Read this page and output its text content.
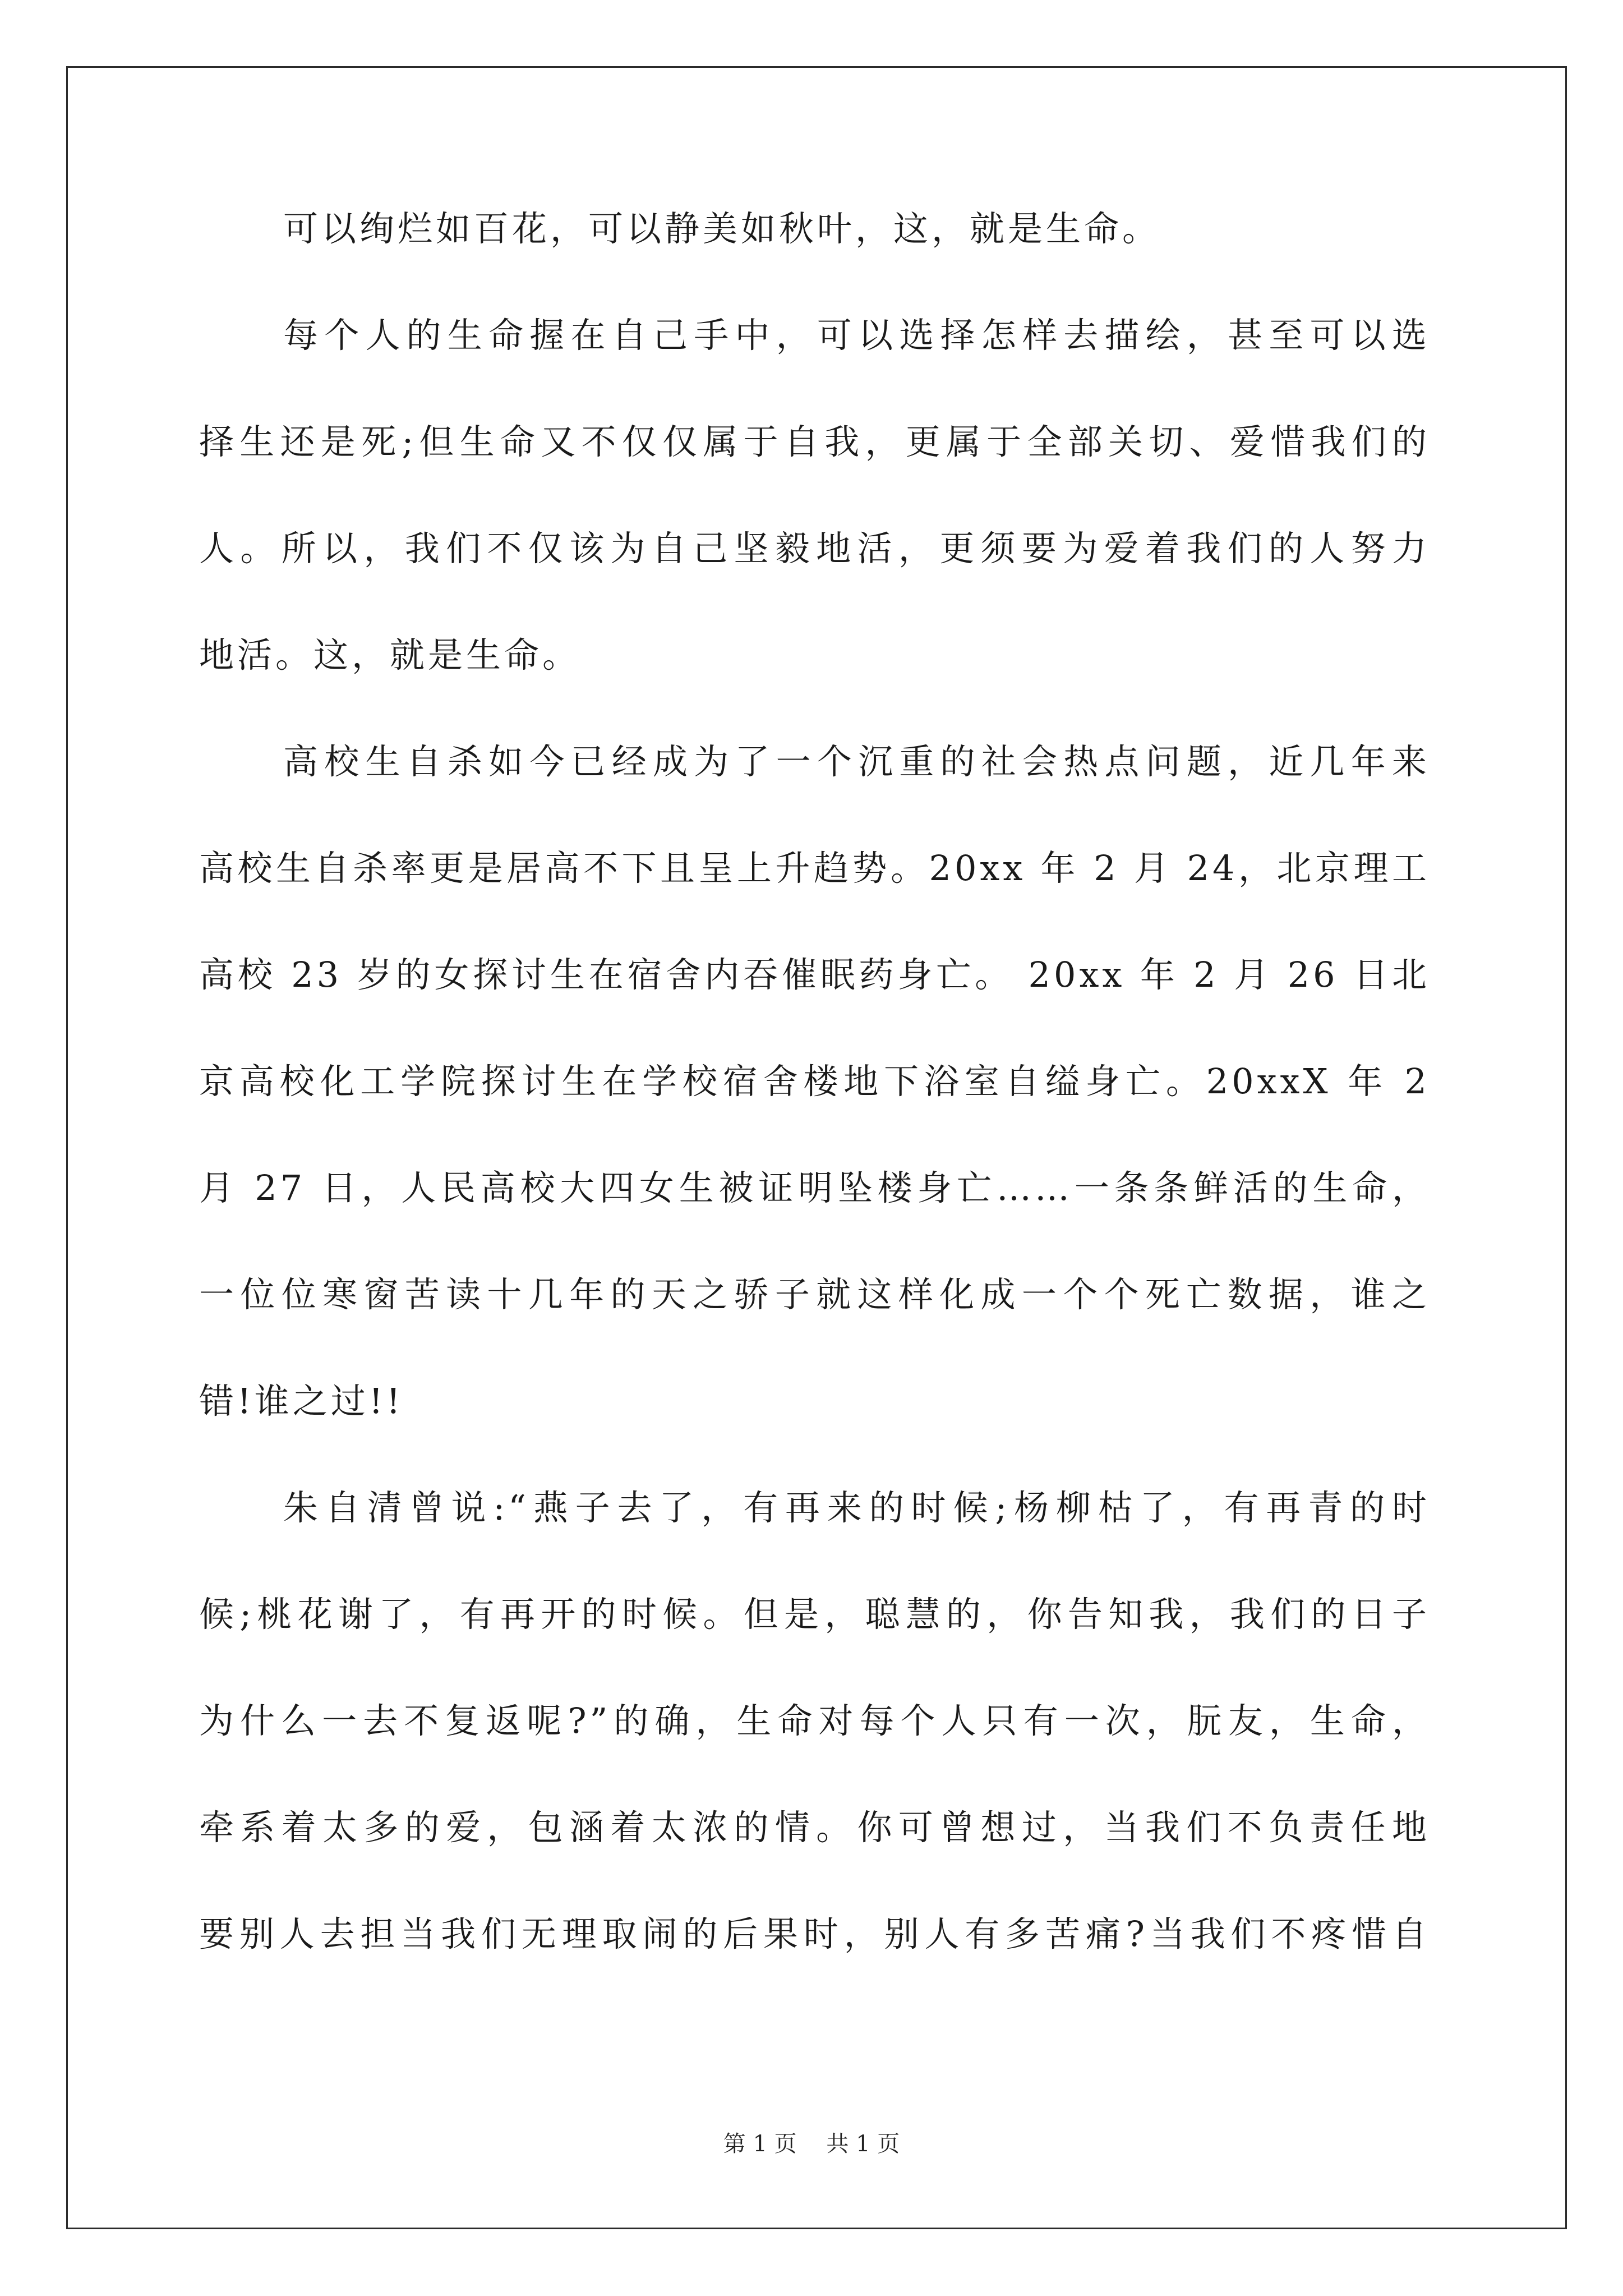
可以绚烂如百花，可以静美如秋叶，这，就是生命。
每个人的生命握在自己手中，可以选择怎样去描绘，甚至可以选
择生还是死;但生命又不仅仅属于自我，更属于全部关切、爱惜我们的
人。所以，我们不仅该为自己坚毅地活，更须要为爱着我们的人努力
地活。这，就是生命。
高校生自杀如今已经成为了一个沉重的社会热点问题，近几年来
高校生自杀率更是居高不下且呈上升趋势。20xx 年 2 月 24，北京理工
高校 23 岁的女探讨生在宿舍内吞催眠药身亡。 20xx 年 2 月 26 日北
京高校化工学院探讨生在学校宿舍楼地下浴室自缢身亡。20xxX 年 2
月 27 日，人民高校大四女生被证明坠楼身亡……一条条鲜活的生命，
一位位寒窗苦读十几年的天之骄子就这样化成一个个死亡数据，谁之
错!谁之过!!
朱自清曾说:“燕子去了，有再来的时候;杨柳枯了，有再青的时
候;桃花谢了，有再开的时候。但是，聪慧的，你告知我，我们的日子
为什么一去不复返呢?”的确，生命对每个人只有一次，朊友，生命，
牵系着太多的爱，包涵着太浓的情。你可曾想过，当我们不负责任地
要别人去担当我们无理取闹的后果时，别人有多苦痛?当我们不疼惜自
第 1 页 共 1 页
